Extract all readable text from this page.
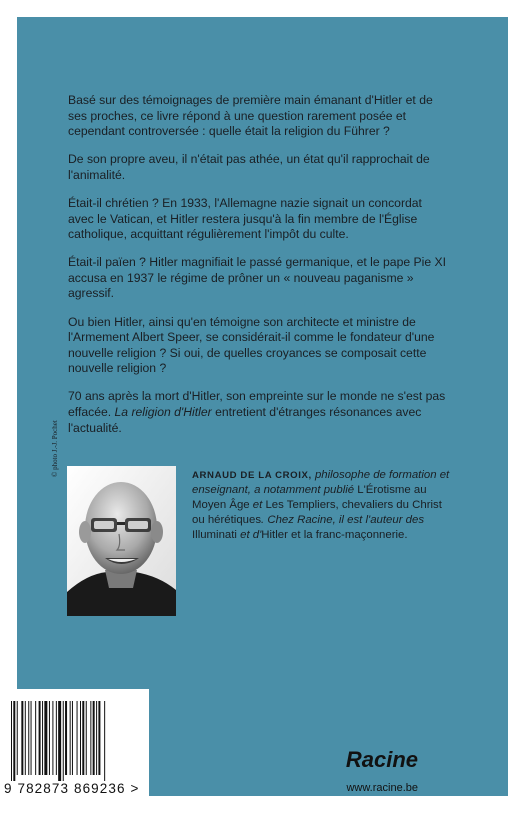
Basé sur des témoignages de première main émanant d'Hitler et de ses proches, ce livre répond à une question rarement posée et cependant controversée : quelle était la religion du Führer ?

De son propre aveu, il n'était pas athée, un état qu'il rapprochait de l'animalité.

Était-il chrétien ? En 1933, l'Allemagne nazie signait un concordat avec le Vatican, et Hitler restera jusqu'à la fin membre de l'Église catholique, acquittant régulièrement l'impôt du culte.

Était-il païen ? Hitler magnifiait le passé germanique, et le pape Pie XI accusa en 1937 le régime de prôner un « nouveau paganisme » agressif.

Ou bien Hitler, ainsi qu'en témoigne son architecte et ministre de l'Armement Albert Speer, se considérait-il comme le fondateur d'une nouvelle religion ? Si oui, de quelles croyances se composait cette nouvelle religion ?

70 ans après la mort d'Hitler, son empreinte sur le monde ne s'est pas effacée. La religion d'Hitler entretient d'étranges résonances avec l'actualité.

© photo J.-J. Pochet	ARNAUD DE LA CROIX, philosophe de formation et enseignant, a notamment publié L'Érotisme au Moyen Âge et Les Templiers, chevaliers du Christ ou hérétiques. Chez Racine, il est l'auteur des Illuminati et d'Hitler et la franc-maçonnerie.
Racine
www.racine.be
9 782873 869236 >
